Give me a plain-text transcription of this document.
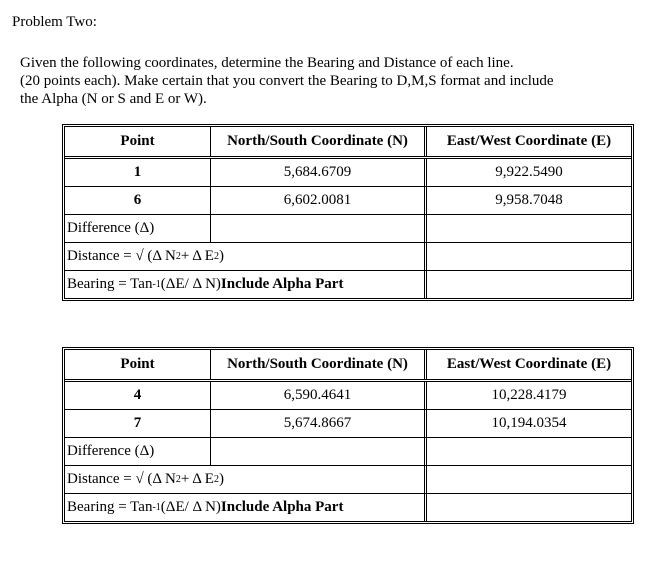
Problem Two:
Given the following coordinates, determine the Bearing and Distance of each line.
(20 points each). Make certain that you convert the Bearing to D,M,S format and include
the Alpha (N or S and E or W).
Point	North/South Coordinate (N)	East/West Coordinate (E)
1	5,684.6709	9,922.5490
6	6,602.0081	9,958.7048
Difference (Δ)
Distance =
√ (Δ N 2 + Δ E 2 )
Bearing = Tan -1 (ΔE/ Δ N) Include Alpha Part
Point	North/South Coordinate (N)	East/West Coordinate (E)
4	6,590.4641	10,228.4179
7	5,674.8667	10,194.0354
Difference (Δ)
Distance =
√ (Δ N 2 + Δ E 2 )
Bearing = Tan -1 (ΔE/ Δ N) Include Alpha Part
